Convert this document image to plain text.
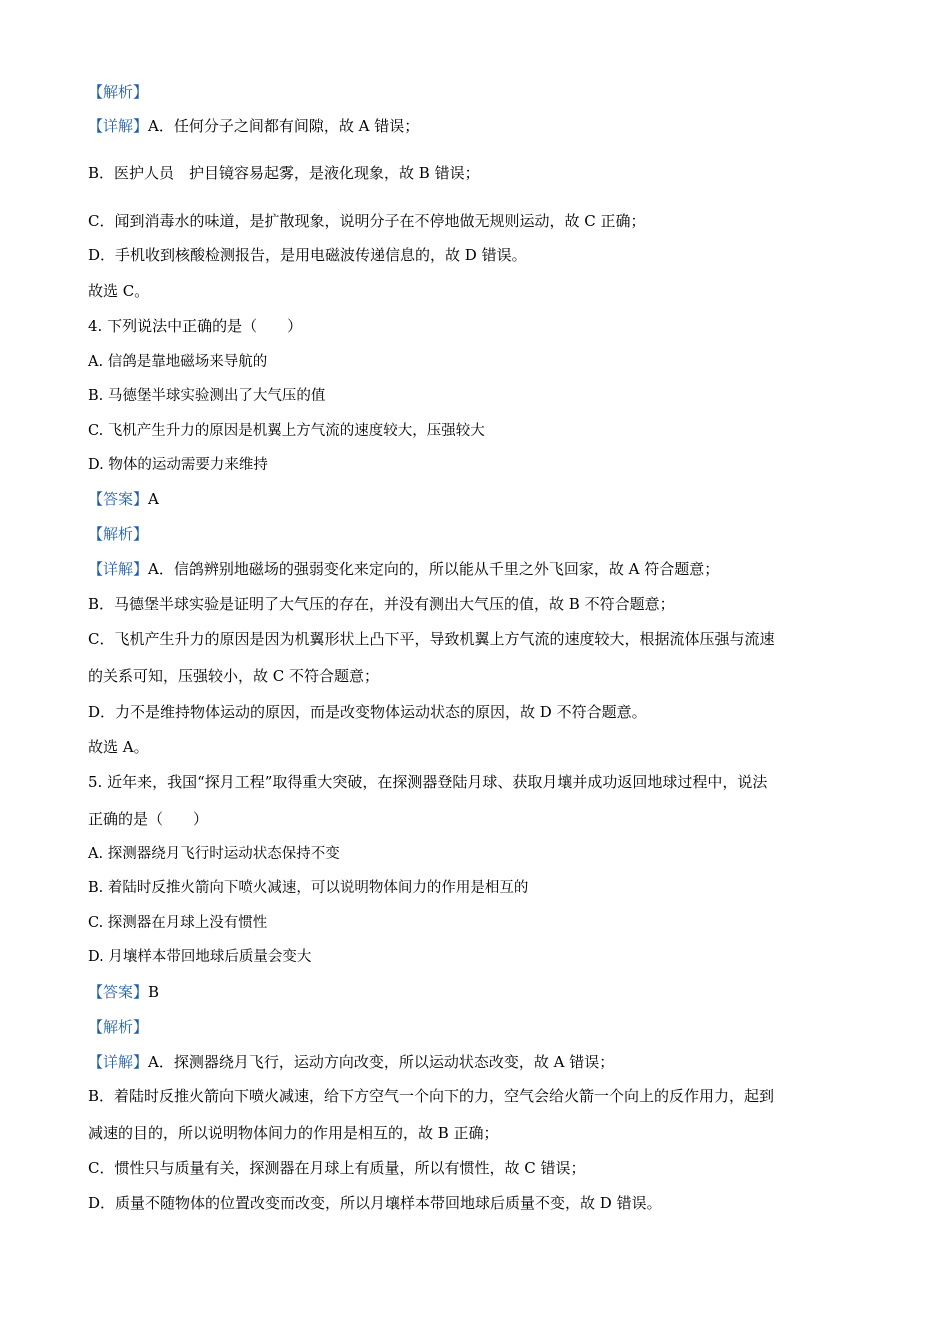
【解析】
【详解】A．任何分子之间都有间隙，故 A 错误；
B．医护人员　护目镜容易起雾，是液化现象，故 B 错误；
C．闻到消毒水的味道，是扩散现象，说明分子在不停地做无规则运动，故 C 正确；
D．手机收到核酸检测报告，是用电磁波传递信息的，故 D 错误。
故选 C。
4. 下列说法中正确的是（　　）
A. 信鸽是靠地磁场来导航的
B. 马德堡半球实验测出了大气压的值
C. 飞机产生升力的原因是机翼上方气流的速度较大，压强较大
D. 物体的运动需要力来维持
【答案】A
【解析】
【详解】A．信鸽辨别地磁场的强弱变化来定向的，所以能从千里之外飞回家，故 A 符合题意；
B．马德堡半球实验是证明了大气压的存在，并没有测出大气压的值，故 B 不符合题意；
C．飞机产生升力的原因是因为机翼形状上凸下平，导致机翼上方气流的速度较大，根据流体压强与流速
的关系可知，压强较小，故 C 不符合题意；
D．力不是维持物体运动的原因，而是改变物体运动状态的原因，故 D 不符合题意。
故选 A。
5. 近年来，我国“探月工程”取得重大突破，在探测器登陆月球、获取月壤并成功返回地球过程中，说法
正确的是（　　）
A. 探测器绕月飞行时运动状态保持不变
B. 着陆时反推火箭向下喷火减速，可以说明物体间力的作用是相互的
C. 探测器在月球上没有惯性
D. 月壤样本带回地球后质量会变大
【答案】B
【解析】
【详解】A．探测器绕月飞行，运动方向改变，所以运动状态改变，故 A 错误；
B．着陆时反推火箭向下喷火减速，给下方空气一个向下的力，空气会给火箭一个向上的反作用力，起到
减速的目的，所以说明物体间力的作用是相互的，故 B 正确；
C．惯性只与质量有关，探测器在月球上有质量，所以有惯性，故 C 错误；
D．质量不随物体的位置改变而改变，所以月壤样本带回地球后质量不变，故 D 错误。
